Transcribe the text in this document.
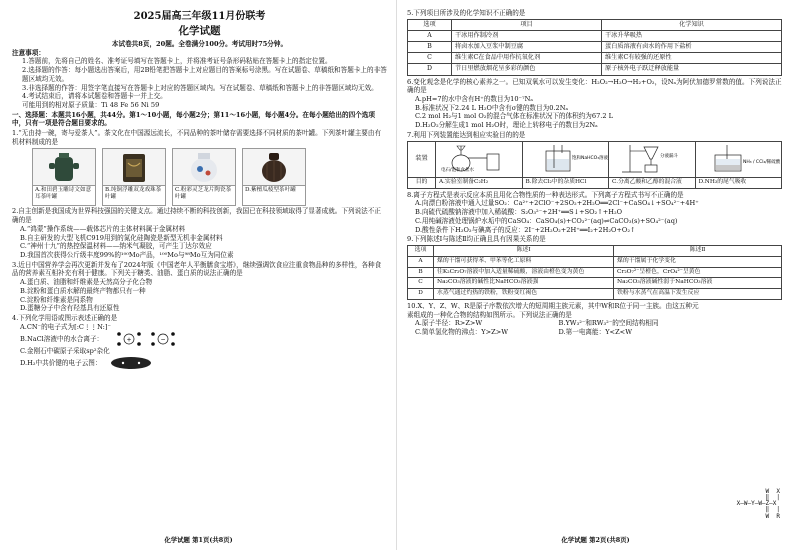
2025届高三年级11月份联考
化学试题
本试卷共8页，20题。全卷满分100分。考试用时75分钟。
注意事项：
1.答题前，先将自己的姓名、准考证号填写在答题卡上，并将准考证号条形码粘贴在答题卡上的指定位置。
2.选择题的作答：每小题选出答案后，用2B铅笔把答题卡上对应题目的答案标号涂黑。写在试题卷、草稿纸和答题卡上的非答题区域均无效。
3.非选择题的作答：用签字笔直接写在答题卡上对应的答题区域内。写在试题卷、草稿纸和答题卡上的非答题区域均无效。
4.考试结束后，请将本试题卷和答题卡一并上交。
可能用到的相对原子质量：Ti 48 Fe 56 Ni 59
一、选择题：本题共16小题，共44分。第1～10小题，每小题2分；第11～16小题，每小题4分。在每小题给出的四个选项中，只有一项是符合题目要求的。
1.“无由持一碗，寄与爱茶人”。茶文化在中国源远流长，不同品种的茶叶储存需要选择不同材质的茶叶罐。下列茶叶罐主要由有机材料制成的是
A.和田碧玉雕诗文如意耳茶叶罐
B.纯铜浮雕双龙戏珠茶叶罐
C.粉彩灵芝龙片陶瓷茶叶罐
D.紫檀瓜棱型茶叶罐
2.自主创新是我国成为世界科技强国的关键支点。通过持续不断的科技创新，我国已在科技领域取得了显著成就。下列说法不正确的是
A.“鸿蒙”操作系统——载体芯片的主体材料属于金属材料
B.自主研发的大型飞机C919用到的氮化硅陶瓷是新型无机非金属材料
C.“神州十九”的热控保温材料——纳米气凝胶，可产生丁达尔效应
D.我国首次获得公斤级丰度99%的¹⁰⁰Mo产品，¹⁰⁰Mo与⁹⁸Mo互为同位素
3.近日中国营养学会再次更新并发布了2024年版《中国老年人平衡膳食宝塔》，继续强调饮食应注重食物品种的多样性，各种食品的营养素互相补充有利于健康。下列关于糖类、油脂、蛋白质的说法正确的是
A.蛋白质、油脂和纤维素是天然高分子化合物
B.淀粉和蛋白质水解的最终产物都只有一种
C.淀粉和纤维素是同系物
D.蛋糖分子中含有羟基具有还原性
4.下列化学用语或图示表述正确的是
A.CN⁻的电子式为[:C⋮⋮N:]⁻
B.NaCl溶液中的水合离子：	+	−
C.金刚石中碳原子采取sp²杂化
D.H₂中共价键的电子云图：
化学试题 第1页(共8页)
5.下列项目所涉及的化学知识不正确的是
选项	项目	化学知识
A	干冰用作制冷剂	干冰升华吸热
B	将卤水加入豆浆中制豆腐	蛋白质溶液有卤水的作用下盐析
C	维生素C在食品中用作抗氧化剂	维生素C有较强的还原性
D	节日里燃放烟花呈多彩的颜色	原子核外电子跃迁释放能量
6.变化观念是化学的核心素养之一。已知双氧水可以发生变化：H₂O₂→H₂O→H₂+O₂，设Nₐ为阿伏加德罗常数的值。下列说法正确的是
A.pH=7的水中含有H⁺的数目为10⁻⁷Nₐ
B.标准状况下2.24 L H₂O中含有σ键的数目为0.2Nₐ
C.2 mol H₂与1 mol O₂的混合气体在标准状况下的体积约为67.2 L
D.H₂O₂分解生成1 mol H₂O时，理论上转移电子的数目为2Nₐ
7.利用下列装置能达到相应实验目的的是
装置	电石/饱和食盐水	饱和NaHCO₃溶液	分液漏斗	NH₃ / CCl₄/稀硫酸

目的	A.实验室制备C₂H₂	B.除去Cl₂中的杂质HCl	C.分离乙酸和乙醇的混合液	D.NH₃的尾气吸收
8.离子方程式是表示反应本质且用化合物性质的一种表达形式。下列离子方程式书写不正确的是
A.向漂白粉溶液中通入过量SO₂：Ca²⁺+2ClO⁻+2SO₂+2H₂O══2Cl⁻+CaSO₄↓+SO₄²⁻+4H⁺
B.向硫代硫酸钠溶液中加入稀硫酸：S₂O₃²⁻+2H⁺══S↓+SO₂↑+H₂O
C.用纯碱溶液处理锅炉水垢中的CaSO₄：CaSO₄(s)+CO₃²⁻(aq)⇌CaCO₃(s)+SO₄²⁻(aq)
D.酸性条件下H₂O₂与碘离子的反应：2I⁻+2H₂O₂+2H⁺══I₂+2H₂O+O₂↑
9.下列陈述Ⅰ与陈述Ⅱ均正确且具有因果关系的是
选项	陈述Ⅰ	陈述Ⅱ
A	煤的干馏可获得苯、甲苯等化工原料	煤的干馏属于化学变化
B	往K₂Cr₂O₇溶液中加入适量稀硫酸，溶液由橙色变为黄色	Cr₂O₇²⁻呈橙色，CrO₄²⁻呈黄色
C	Na₂CO₃溶液的碱性比NaHCO₃溶液强	Na₂CO₃溶液碱性弱于NaHCO₃溶液
D	水蒸气通过灼热的铁粉，铁粉变红褐色	铁粉与水蒸气在高温下发生反应
10.X、Y、Z、W、R是原子序数依次增大的短周期主族元素，其中W和R位于同一主族。由这五种元素组成的一种化合物的结构如图所示。下列说法正确的是
A.原子半径：R>Z>W	B.YW₃²⁻和RW₃²⁻的空间结构相同
C.简单氢化物的沸点：Y>Z>W	D.第一电离能：Y<Z<W
W  X
‖  |
X—W—Y—W—Z—X
‖  |
W  R
化学试题 第2页(共8页)
